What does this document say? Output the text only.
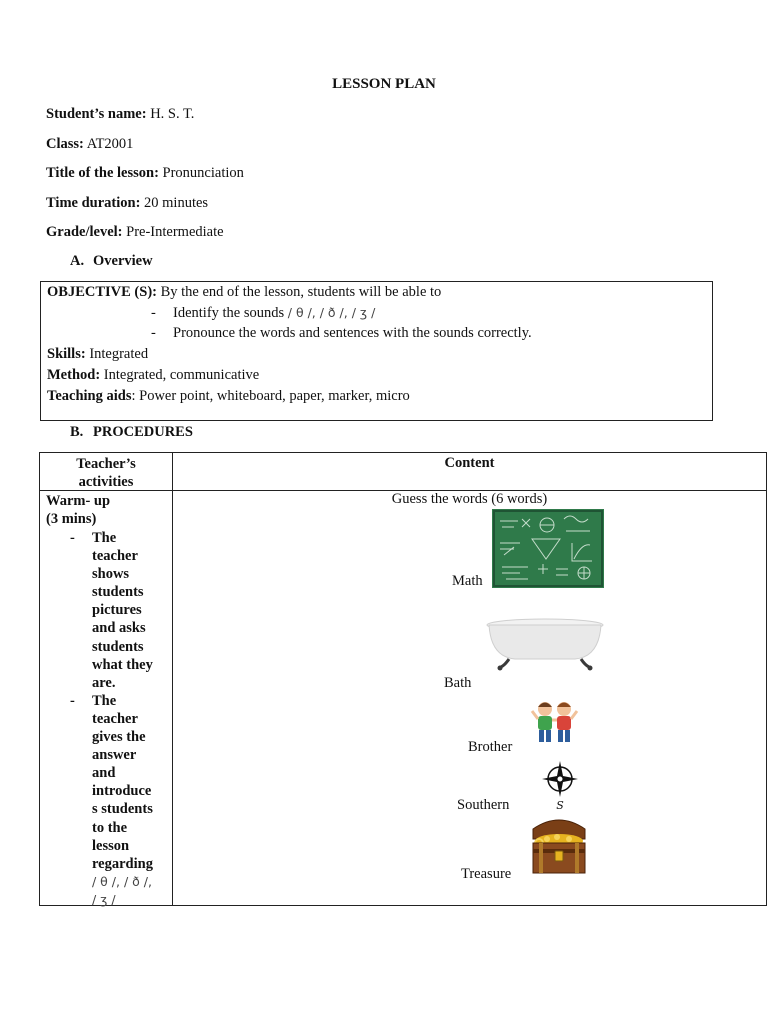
LESSON PLAN
Student’s name: H. S. T.
Class: AT2001
Title of the lesson: Pronunciation
Time duration: 20 minutes
Grade/level: Pre-Intermediate
A. Overview
OBJECTIVE (S): By the end of the lesson, students will be able to
- Identify the sounds / θ /, / ð /, / ʒ /
- Pronounce the words and sentences with the sounds correctly.
Skills: Integrated
Method: Integrated, communicative
Teaching aids: Power point, whiteboard, paper, marker, micro
B. PROCEDURES
Teacher’s
activities
Content
Warm- up
(3 mins)
- The
teacher
shows
students
pictures
and asks
students
what they
are.
- The
teacher
gives the
answer
and
introduce
s students
to the
lesson
regarding
/ θ /, / ð /,
/ ʒ /
Guess the words (6 words)
Math
Bath
Brother
Southern	S
Treasure
